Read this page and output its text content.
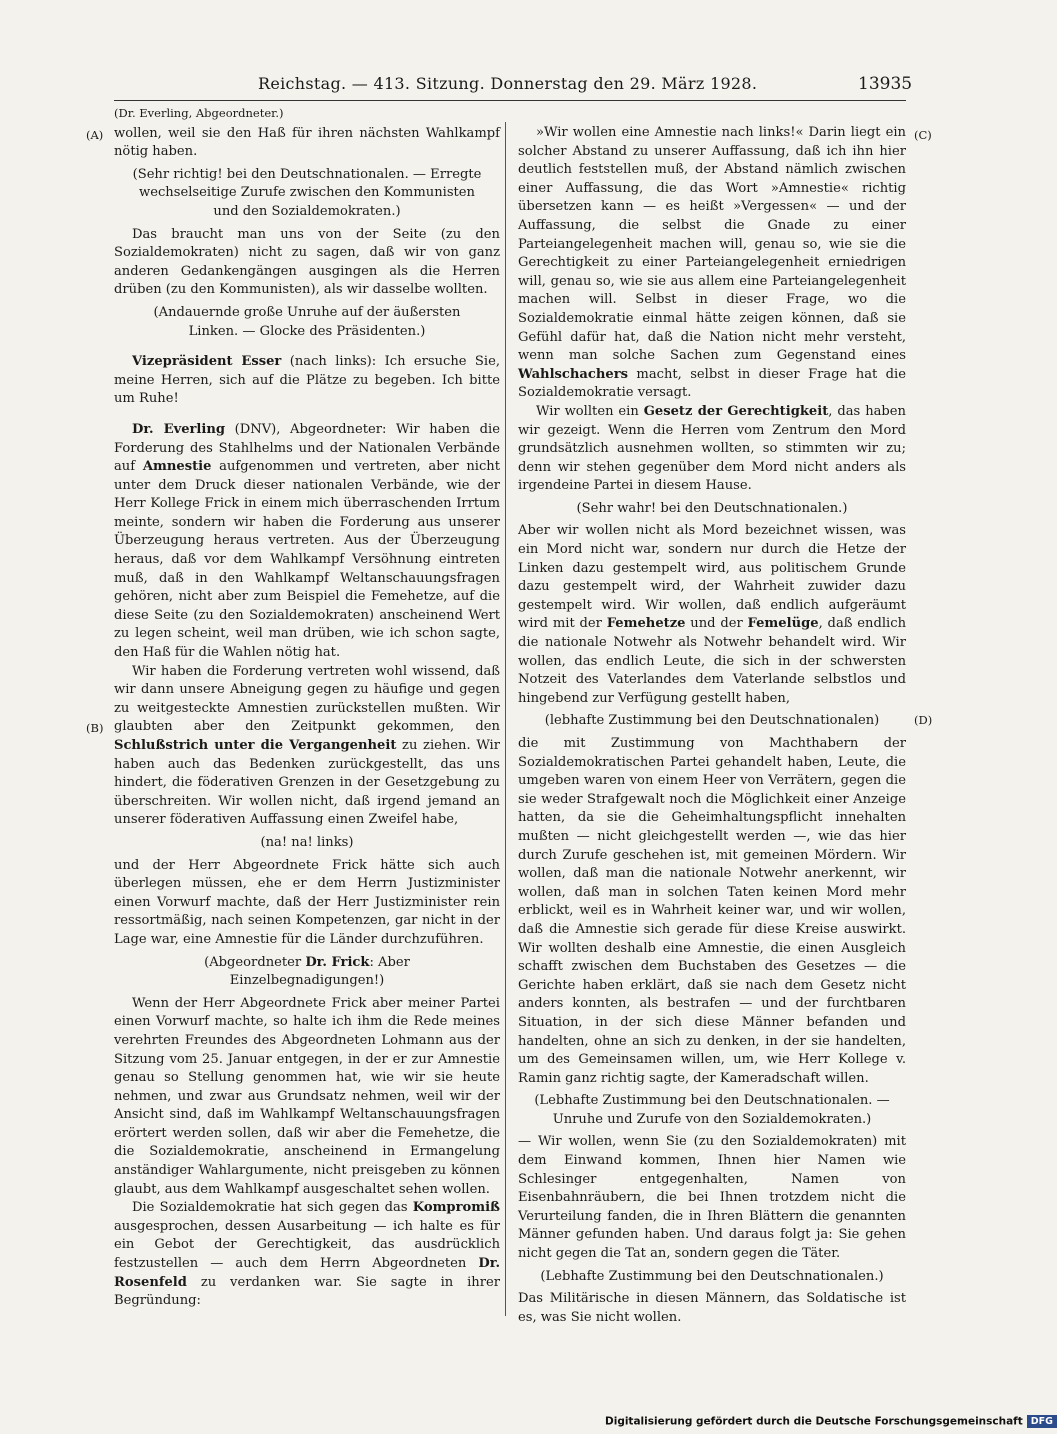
Reichstag. — 413. Sitzung. Donnerstag den 29. März 1928.	13935
(A)
(B)
(C)
(D)

(Dr. Everling, Abgeordneter.)

wollen, weil sie den Haß für ihren nächsten Wahlkampf nötig haben.

(Sehr richtig! bei den Deutschnationalen. — Erregte wechselseitige Zurufe zwischen den Kommunisten und den Sozialdemokraten.)

Das braucht man uns von der Seite (zu den Sozialdemokraten) nicht zu sagen, daß wir von ganz anderen Gedankengängen ausgingen als die Herren drüben (zu den Kommunisten), als wir dasselbe wollten.

(Andauernde große Unruhe auf der äußersten Linken. — Glocke des Präsidenten.)

Vizepräsident Esser (nach links): Ich ersuche Sie, meine Herren, sich auf die Plätze zu begeben. Ich bitte um Ruhe!

Dr. Everling (DNV), Abgeordneter: Wir haben die Forderung des Stahlhelms und der Nationalen Verbände auf Amnestie aufgenommen und vertreten, aber nicht unter dem Druck dieser nationalen Verbände, wie der Herr Kollege Frick in einem mich überraschenden Irrtum meinte, sondern wir haben die Forderung aus unserer Überzeugung heraus vertreten. Aus der Überzeugung heraus, daß vor dem Wahlkampf Versöhnung eintreten muß, daß in den Wahlkampf Weltanschauungsfragen gehören, nicht aber zum Beispiel die Femehetze, auf die diese Seite (zu den Sozialdemokraten) anscheinend Wert zu legen scheint, weil man drüben, wie ich schon sagte, den Haß für die Wahlen nötig hat.

Wir haben die Forderung vertreten wohl wissend, daß wir dann unsere Abneigung gegen zu häufige und gegen zu weitgesteckte Amnestien zurückstellen mußten. Wir glaubten aber den Zeitpunkt gekommen, den Schlußstrich unter die Vergangenheit zu ziehen. Wir haben auch das Bedenken zurückgestellt, das uns hindert, die föderativen Grenzen in der Gesetzgebung zu überschreiten. Wir wollen nicht, daß irgend jemand an unserer föderativen Auffassung einen Zweifel habe,

(na! na! links)

und der Herr Abgeordnete Frick hätte sich auch überlegen müssen, ehe er dem Herrn Justizminister einen Vorwurf machte, daß der Herr Justizminister rein ressortmäßig, nach seinen Kompetenzen, gar nicht in der Lage war, eine Amnestie für die Länder durchzuführen.

(Abgeordneter Dr. Frick: Aber Einzelbegnadigungen!)

Wenn der Herr Abgeordnete Frick aber meiner Partei einen Vorwurf machte, so halte ich ihm die Rede meines verehrten Freundes des Abgeordneten Lohmann aus der Sitzung vom 25. Januar entgegen, in der er zur Amnestie genau so Stellung genommen hat, wie wir sie heute nehmen, und zwar aus Grundsatz nehmen, weil wir der Ansicht sind, daß im Wahlkampf Weltanschauungsfragen erörtert werden sollen, daß wir aber die Femehetze, die die Sozialdemokratie, anscheinend in Ermangelung anständiger Wahlargumente, nicht preisgeben zu können glaubt, aus dem Wahlkampf ausgeschaltet sehen wollen.

Die Sozialdemokratie hat sich gegen das Kompromiß ausgesprochen, dessen Ausarbeitung — ich halte es für ein Gebot der Gerechtigkeit, das ausdrücklich festzustellen — auch dem Herrn Abgeordneten Dr. Rosenfeld zu verdanken war. Sie sagte in ihrer Begründung:

»Wir wollen eine Amnestie nach links!« Darin liegt ein solcher Abstand zu unserer Auffassung, daß ich ihn hier deutlich feststellen muß, der Abstand nämlich zwischen einer Auffassung, die das Wort »Amnestie« richtig übersetzen kann — es heißt »Vergessen« — und der Auffassung, die selbst die Gnade zu einer Parteiangelegenheit machen will, genau so, wie sie die Gerechtigkeit zu einer Parteiangelegenheit erniedrigen will, genau so, wie sie aus allem eine Parteiangelegenheit machen will. Selbst in dieser Frage, wo die Sozialdemokratie einmal hätte zeigen können, daß sie Gefühl dafür hat, daß die Nation nicht mehr versteht, wenn man solche Sachen zum Gegenstand eines Wahlschachers macht, selbst in dieser Frage hat die Sozialdemokratie versagt.

Wir wollten ein Gesetz der Gerechtigkeit, das haben wir gezeigt. Wenn die Herren vom Zentrum den Mord grundsätzlich ausnehmen wollten, so stimmten wir zu; denn wir stehen gegenüber dem Mord nicht anders als irgendeine Partei in diesem Hause.

(Sehr wahr! bei den Deutschnationalen.)

Aber wir wollen nicht als Mord bezeichnet wissen, was ein Mord nicht war, sondern nur durch die Hetze der Linken dazu gestempelt wird, aus politischem Grunde dazu gestempelt wird, der Wahrheit zuwider dazu gestempelt wird. Wir wollen, daß endlich aufgeräumt wird mit der Femehetze und der Femelüge, daß endlich die nationale Notwehr als Notwehr behandelt wird. Wir wollen, das endlich Leute, die sich in der schwersten Notzeit des Vaterlandes dem Vaterlande selbstlos und hingebend zur Verfügung gestellt haben,

(lebhafte Zustimmung bei den Deutschnationalen)

die mit Zustimmung von Machthabern der Sozialdemokratischen Partei gehandelt haben, Leute, die umgeben waren von einem Heer von Verrätern, gegen die sie weder Strafgewalt noch die Möglichkeit einer Anzeige hatten, da sie die Geheimhaltungspflicht innehalten mußten — nicht gleichgestellt werden —, wie das hier durch Zurufe geschehen ist, mit gemeinen Mördern. Wir wollen, daß man die nationale Notwehr anerkennt, wir wollen, daß man in solchen Taten keinen Mord mehr erblickt, weil es in Wahrheit keiner war, und wir wollen, daß die Amnestie sich gerade für diese Kreise auswirkt. Wir wollten deshalb eine Amnestie, die einen Ausgleich schafft zwischen dem Buchstaben des Gesetzes — die Gerichte haben erklärt, daß sie nach dem Gesetz nicht anders konnten, als bestrafen — und der furchtbaren Situation, in der sich diese Männer befanden und handelten, ohne an sich zu denken, in der sie handelten, um des Gemeinsamen willen, um, wie Herr Kollege v. Ramin ganz richtig sagte, der Kameradschaft willen.

(Lebhafte Zustimmung bei den Deutschnationalen. — Unruhe und Zurufe von den Sozialdemokraten.)

— Wir wollen, wenn Sie (zu den Sozialdemokraten) mit dem Einwand kommen, Ihnen hier Namen wie Schlesinger entgegenhalten, Namen von Eisenbahnräubern, die bei Ihnen trotzdem nicht die Verurteilung fanden, die in Ihren Blättern die genannten Männer gefunden haben. Und daraus folgt ja: Sie gehen nicht gegen die Tat an, sondern gegen die Täter.

(Lebhafte Zustimmung bei den Deutschnationalen.)

Das Militärische in diesen Männern, das Soldatische ist es, was Sie nicht wollen.

Digitalisierung gefördert durch die Deutsche Forschungsgemeinschaft DFG
